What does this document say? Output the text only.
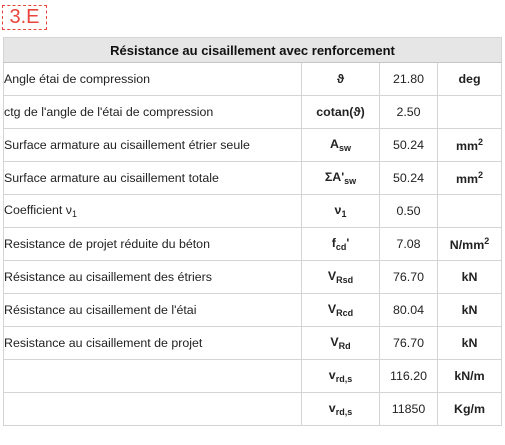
3.E
Résistance au cisaillement avec renforcement			
Angle étai de compression	ϑ	21.80	deg
ctg de l'angle de l'étai de compression	cotan(ϑ)	2.50	
Surface armature au cisaillement étrier seule	$A_{sw}$	50.24	$mm^2$
Surface armature au cisaillement totale	$\Sigma A'_{sw}$	50.24	$mm^2$
Coefficient $\nu_1$	$\nu_1$	0.50	
Resistance de projet réduite du béton	$f_{cd}'$	7.08	$N/mm^2$
Résistance au cisaillement des étriers	$V_{Rsd}$	76.70	kN
Résistance au cisaillement de l'étai	$V_{Rcd}$	80.04	kN
Resistance au cisaillement de projet	$V_{Rd}$	76.70	kN
	$v_{rd,s}$	116.20	kN/m
	$v_{rd,s}$	11850	Kg/m
